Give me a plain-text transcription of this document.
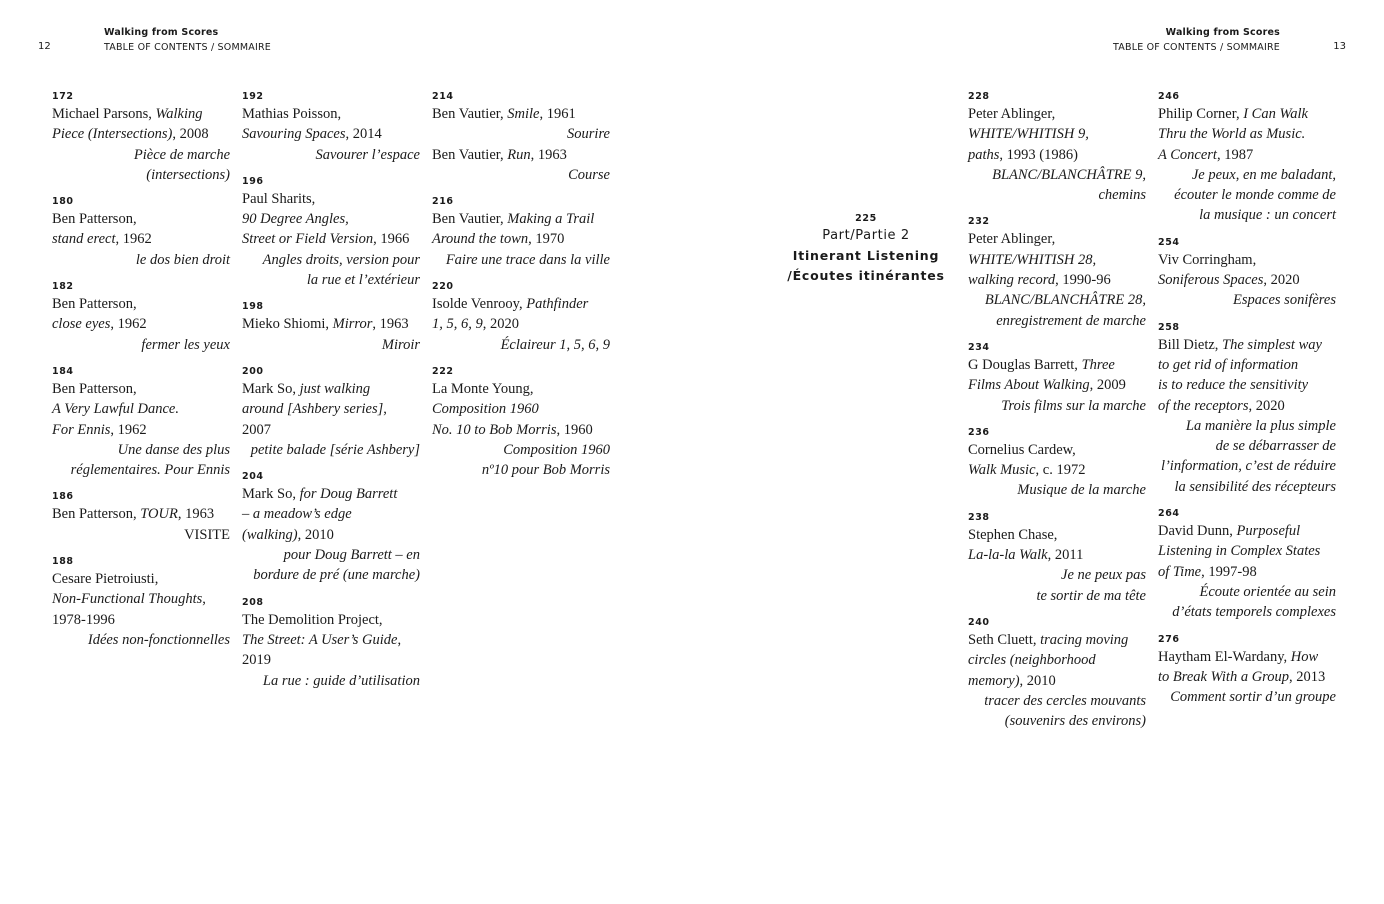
12
Walking from Scores
TABLE OF CONTENTS / SOMMAIRE
Walking from Scores
TABLE OF CONTENTS / SOMMAIRE	13
172
Michael Parsons, Walking
Piece (Intersections), 2008
Pièce de marche
(intersections)
180
Ben Patterson,
stand erect, 1962
le dos bien droit
182
Ben Patterson,
close eyes, 1962
fermer les yeux
184
Ben Patterson,
A Very Lawful Dance.
For Ennis, 1962
Une danse des plus
réglementaires. Pour Ennis
186
Ben Patterson, TOUR, 1963
VISITE
188
Cesare Pietroiusti,
Non-Functional Thoughts,
1978-1996
Idées non-fonctionnelles
192
Mathias Poisson,
Savouring Spaces, 2014
Savourer l’espace
196
Paul Sharits,
90 Degree Angles,
Street or Field Version, 1966
Angles droits, version pour
la rue et l’extérieur
198
Mieko Shiomi, Mirror, 1963
Miroir
200
Mark So, just walking
around [Ashbery series],
2007
petite balade [série Ashbery]
204
Mark So, for Doug Barrett
– a meadow’s edge
(walking), 2010
pour Doug Barrett – en
bordure de pré (une marche)
208
The Demolition Project,
The Street: A User’s Guide,
2019
La rue : guide d’utilisation
214
Ben Vautier, Smile, 1961
Sourire
Ben Vautier, Run, 1963
Course
216
Ben Vautier, Making a Trail
Around the town, 1970
Faire une trace dans la ville
220
Isolde Venrooy, Pathfinder
1, 5, 6, 9, 2020
Éclaireur 1, 5, 6, 9
222
La Monte Young,
Composition 1960
No. 10 to Bob Morris, 1960
Composition 1960
nº10 pour Bob Morris
228
Peter Ablinger,
WHITE/WHITISH 9,
paths, 1993 (1986)
BLANC/BLANCHÂTRE 9,
chemins
232
Peter Ablinger,
WHITE/WHITISH 28,
walking record, 1990-96
BLANC/BLANCHÂTRE 28,
enregistrement de marche
234
G Douglas Barrett, Three
Films About Walking, 2009
Trois films sur la marche
236
Cornelius Cardew,
Walk Music, c. 1972
Musique de la marche
238
Stephen Chase,
La-la-la Walk, 2011
Je ne peux pas
te sortir de ma tête
240
Seth Cluett, tracing moving
circles (neighborhood
memory), 2010
tracer des cercles mouvants
(souvenirs des environs)
246
Philip Corner, I Can Walk
Thru the World as Music.
A Concert, 1987
Je peux, en me baladant,
écouter le monde comme de
la musique : un concert
254
Viv Corringham,
Soniferous Spaces, 2020
Espaces sonifères
258
Bill Dietz, The simplest way
to get rid of information
is to reduce the sensitivity
of the receptors, 2020
La manière la plus simple
de se débarrasser de
l’information, c’est de réduire
la sensibilité des récepteurs
264
David Dunn, Purposeful
Listening in Complex States
of Time, 1997-98
Écoute orientée au sein
d’états temporels complexes
276
Haytham El-Wardany, How
to Break With a Group, 2013
Comment sortir d’un groupe
225
Part/Partie 2
Itinerant Listening
/Écoutes itinérantes
